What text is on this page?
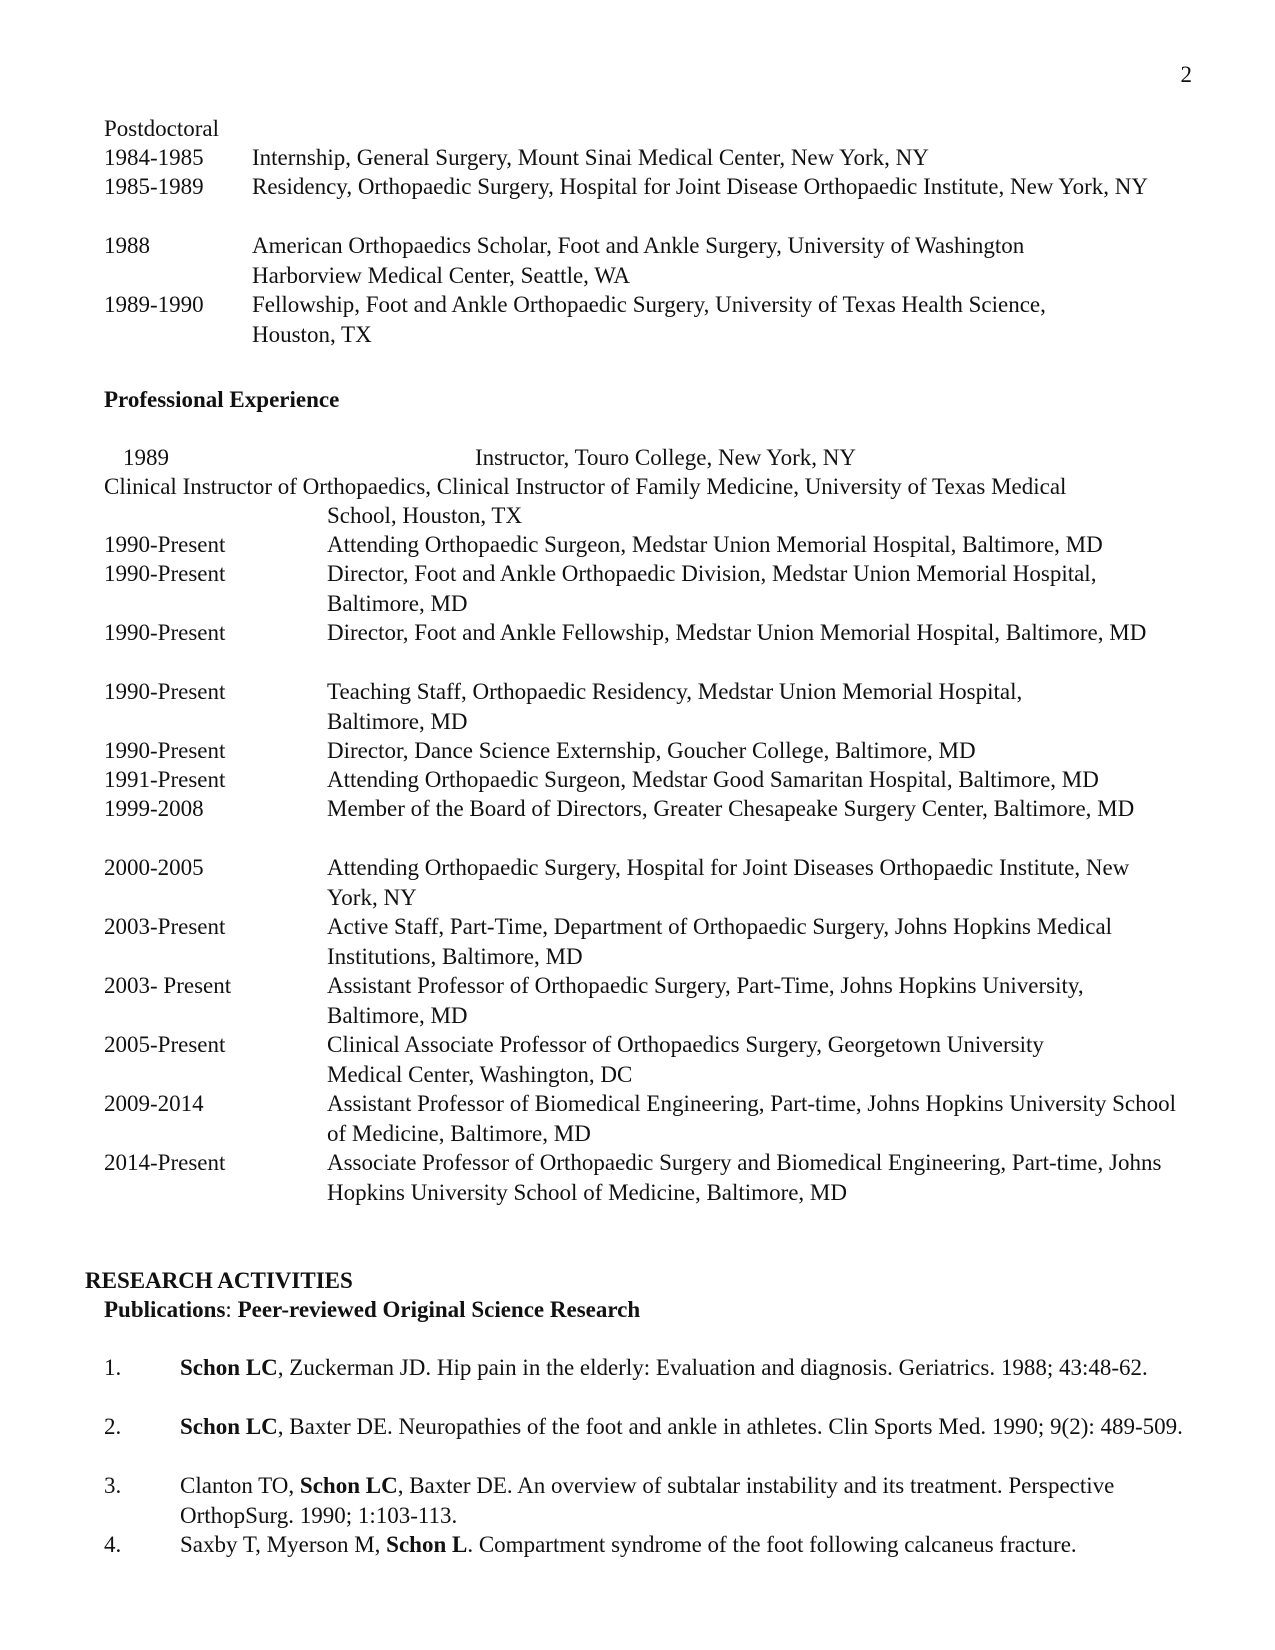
2
Postdoctoral
1984-1985	Internship, General Surgery, Mount Sinai Medical Center, New York, NY
1985-1989	Residency, Orthopaedic Surgery, Hospital for Joint Disease Orthopaedic Institute, New York, NY
1988	American Orthopaedics Scholar, Foot and Ankle Surgery, University of Washington Harborview Medical Center, Seattle, WA
1989-1990	Fellowship, Foot and Ankle Orthopaedic Surgery, University of Texas Health Science, Houston, TX
Professional Experience
1989	Instructor, Touro College, New York, NY
Clinical Instructor of Orthopaedics, Clinical Instructor of Family Medicine, University of Texas Medical
School, Houston, TX
1990-Present	Attending Orthopaedic Surgeon, Medstar Union Memorial Hospital, Baltimore, MD
1990-Present	Director, Foot and Ankle Orthopaedic Division, Medstar Union Memorial Hospital, Baltimore, MD
1990-Present	Director, Foot and Ankle Fellowship, Medstar Union Memorial Hospital, Baltimore, MD
1990-Present	Teaching Staff, Orthopaedic Residency, Medstar Union Memorial Hospital, Baltimore, MD
1990-Present	Director, Dance Science Externship, Goucher College, Baltimore, MD
1991-Present	Attending Orthopaedic Surgeon, Medstar Good Samaritan Hospital, Baltimore, MD
1999-2008	Member of the Board of Directors, Greater Chesapeake Surgery Center, Baltimore, MD
2000-2005	Attending Orthopaedic Surgery, Hospital for Joint Diseases Orthopaedic Institute, New York, NY
2003-Present	Active Staff, Part-Time, Department of Orthopaedic Surgery, Johns Hopkins Medical Institutions, Baltimore, MD
2003- Present	Assistant Professor of Orthopaedic Surgery, Part-Time, Johns Hopkins University, Baltimore, MD
2005-Present	Clinical Associate Professor of Orthopaedics Surgery, Georgetown University Medical Center, Washington, DC
2009-2014	Assistant Professor of Biomedical Engineering, Part-time, Johns Hopkins University School of Medicine, Baltimore, MD
2014-Present	Associate Professor of Orthopaedic Surgery and Biomedical Engineering, Part-time, Johns Hopkins University School of Medicine, Baltimore, MD
RESEARCH ACTIVITIES
Publications: Peer-reviewed Original Science Research
1.	Schon LC, Zuckerman JD. Hip pain in the elderly: Evaluation and diagnosis. Geriatrics. 1988; 43:48-62.
2.	Schon LC, Baxter DE. Neuropathies of the foot and ankle in athletes. Clin Sports Med. 1990; 9(2): 489-509.
3.	Clanton TO, Schon LC, Baxter DE. An overview of subtalar instability and its treatment. Perspective OrthopSurg. 1990; 1:103-113.
4.	Saxby T, Myerson M, Schon L. Compartment syndrome of the foot following calcaneus fracture.
